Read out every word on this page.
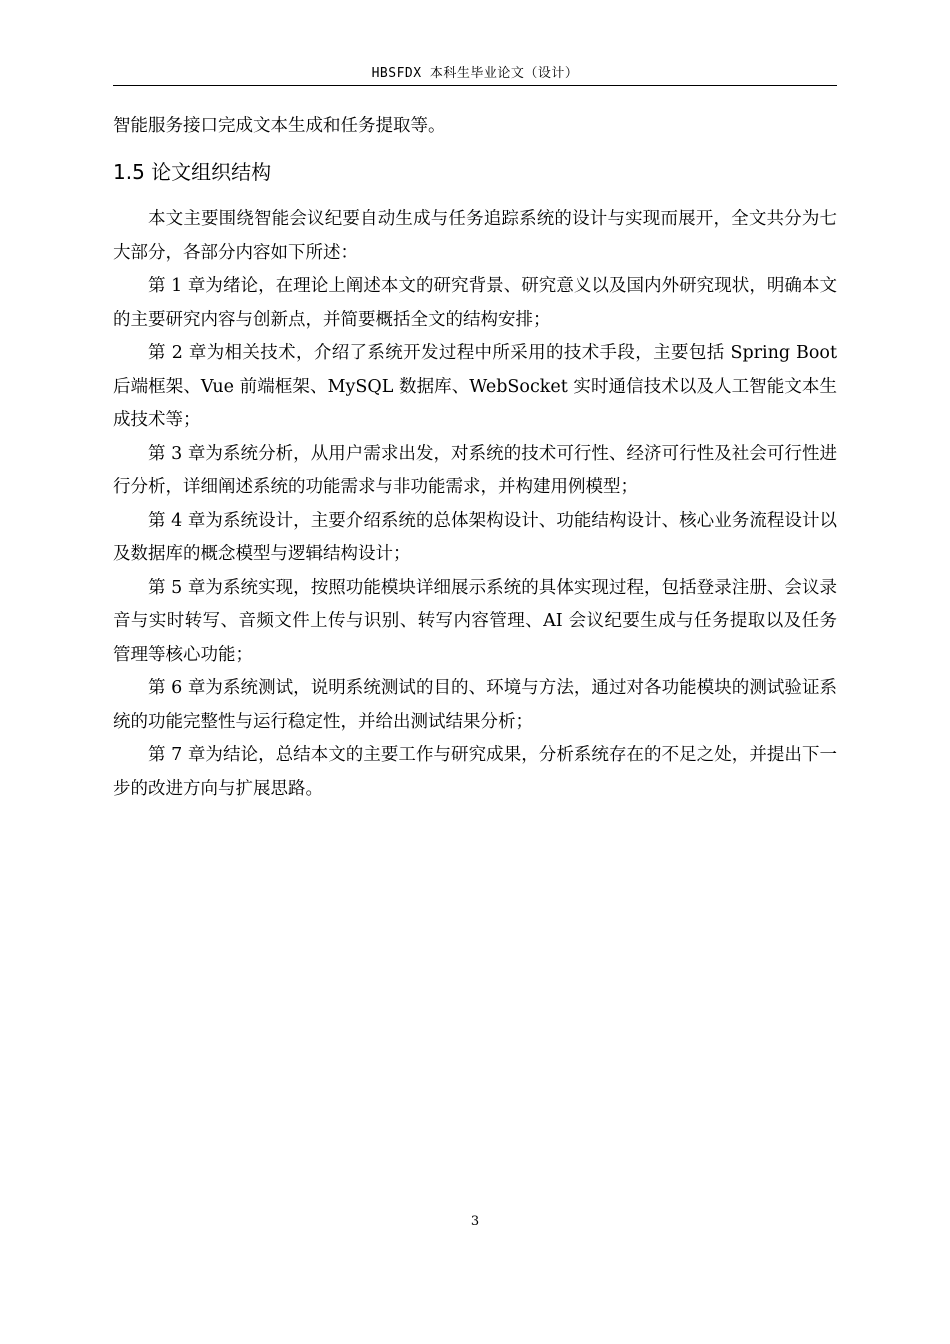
HBSFDX 本科生毕业论文（设计）
智能服务接口完成文本生成和任务提取等。
1.5 论文组织结构

本文主要围绕智能会议纪要自动生成与任务追踪系统的设计与实现而展开，全文共分为七大部分，各部分内容如下所述：

第 1 章为绪论，在理论上阐述本文的研究背景、研究意义以及国内外研究现状，明确本文的主要研究内容与创新点，并简要概括全文的结构安排；

第 2 章为相关技术，介绍了系统开发过程中所采用的技术手段，主要包括 Spring Boot 后端框架、Vue 前端框架、MySQL 数据库、WebSocket 实时通信技术以及人工智能文本生成技术等；

第 3 章为系统分析，从用户需求出发，对系统的技术可行性、经济可行性及社会可行性进行分析，详细阐述系统的功能需求与非功能需求，并构建用例模型；

第 4 章为系统设计，主要介绍系统的总体架构设计、功能结构设计、核心业务流程设计以及数据库的概念模型与逻辑结构设计；

第 5 章为系统实现，按照功能模块详细展示系统的具体实现过程，包括登录注册、会议录音与实时转写、音频文件上传与识别、转写内容管理、AI 会议纪要生成与任务提取以及任务管理等核心功能；

第 6 章为系统测试，说明系统测试的目的、环境与方法，通过对各功能模块的测试验证系统的功能完整性与运行稳定性，并给出测试结果分析；

第 7 章为结论，总结本文的主要工作与研究成果，分析系统存在的不足之处，并提出下一步的改进方向与扩展思路。

3
